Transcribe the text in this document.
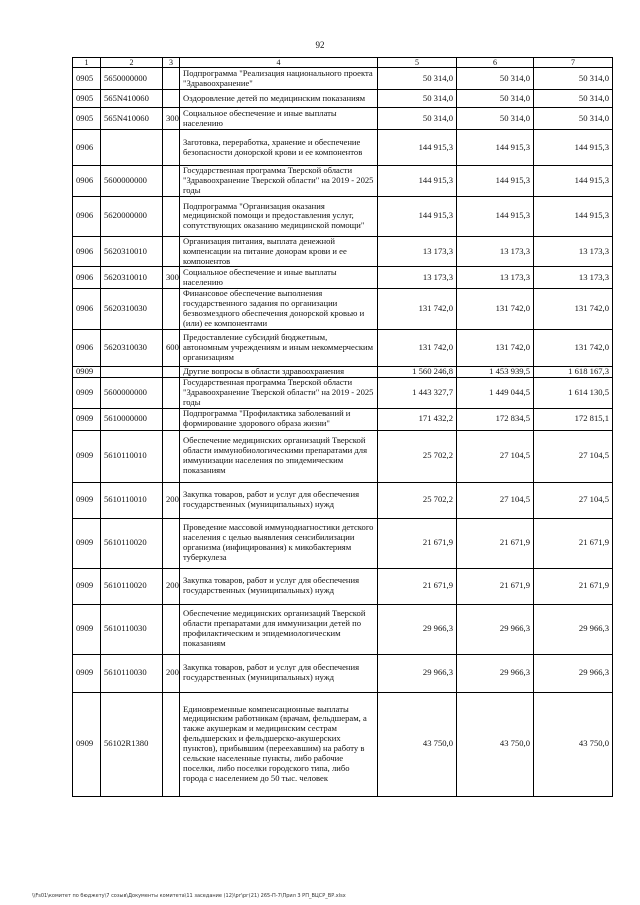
92
1	2	3	4	5	6	7
0905	5650000000		Подпрограмма "Реализация национального проекта "Здравоохранение"	50 314,0	50 314,0	50 314,0
0905	565N410060		Оздоровление детей по медицинским показаниям	50 314,0	50 314,0	50 314,0
0905	565N410060	300	Социальное обеспечение и иные выплаты населению	50 314,0	50 314,0	50 314,0
0906			Заготовка, переработка, хранение и обеспечение безопасности донорской крови и ее компонентов	144 915,3	144 915,3	144 915,3
0906	5600000000		Государственная программа Тверской области "Здравоохранение Тверской области" на 2019 - 2025 годы	144 915,3	144 915,3	144 915,3
0906	5620000000		Подпрограмма "Организация оказания медицинской помощи и предоставления услуг, сопутствующих оказанию медицинской помощи"	144 915,3	144 915,3	144 915,3
0906	5620310010		Организация питания, выплата денежной компенсации на питание донорам крови и ее компонентов	13 173,3	13 173,3	13 173,3
0906	5620310010	300	Социальное обеспечение и иные выплаты населению	13 173,3	13 173,3	13 173,3
0906	5620310030		Финансовое обеспечение выполнения государственного задания по организации безвозмездного обеспечения донорской кровью и (или) ее компонентами	131 742,0	131 742,0	131 742,0
0906	5620310030	600	Предоставление субсидий бюджетным, автономным учреждениям и иным некоммерческим организациям	131 742,0	131 742,0	131 742,0
0909			Другие вопросы в области здравоохранения	1 560 246,8	1 453 939,5	1 618 167,3
0909	5600000000		Государственная программа Тверской области "Здравоохранение Тверской области" на 2019 - 2025 годы	1 443 327,7	1 449 044,5	1 614 130,5
0909	5610000000		Подпрограмма "Профилактика заболеваний и формирование здорового образа жизни"	171 432,2	172 834,5	172 815,1
0909	5610110010		Обеспечение медицинских организаций Тверской области иммунобиологическими препаратами для иммунизации населения по эпидемическим показаниям	25 702,2	27 104,5	27 104,5
0909	5610110010	200	Закупка товаров, работ и услуг для обеспечения государственных (муниципальных) нужд	25 702,2	27 104,5	27 104,5
0909	5610110020		Проведение массовой иммунодиагностики детского населения с целью выявления сенсибилизации организма (инфицирования) к микобактериям туберкулеза	21 671,9	21 671,9	21 671,9
0909	5610110020	200	Закупка товаров, работ и услуг для обеспечения государственных (муниципальных) нужд	21 671,9	21 671,9	21 671,9
0909	5610110030		Обеспечение медицинских организаций Тверской области препаратами для иммунизации детей по профилактическим и эпидемиологическим показаниям	29 966,3	29 966,3	29 966,3
0909	5610110030	200	Закупка товаров, работ и услуг для обеспечения государственных (муниципальных) нужд	29 966,3	29 966,3	29 966,3
0909	56102R1380		Единовременные компенсационные выплаты медицинским работникам (врачам, фельдшерам, а также акушеркам и медицинским сестрам фельдшерских и фельдшерско-акушерских пунктов), прибывшим (переехавшим) на работу в сельские населенные пункты, либо рабочие поселки, либо поселки городского типа, либо города с населением до 50 тыс. человек	43 750,0	43 750,0	43 750,0
\\Fs01\комитет по бюджету\7 созыв\Документы комитета\11 заседание (12)\рг\рг(21) 265-П-7\Прил 3 РП_ВЦСР_ВР.xlsx
